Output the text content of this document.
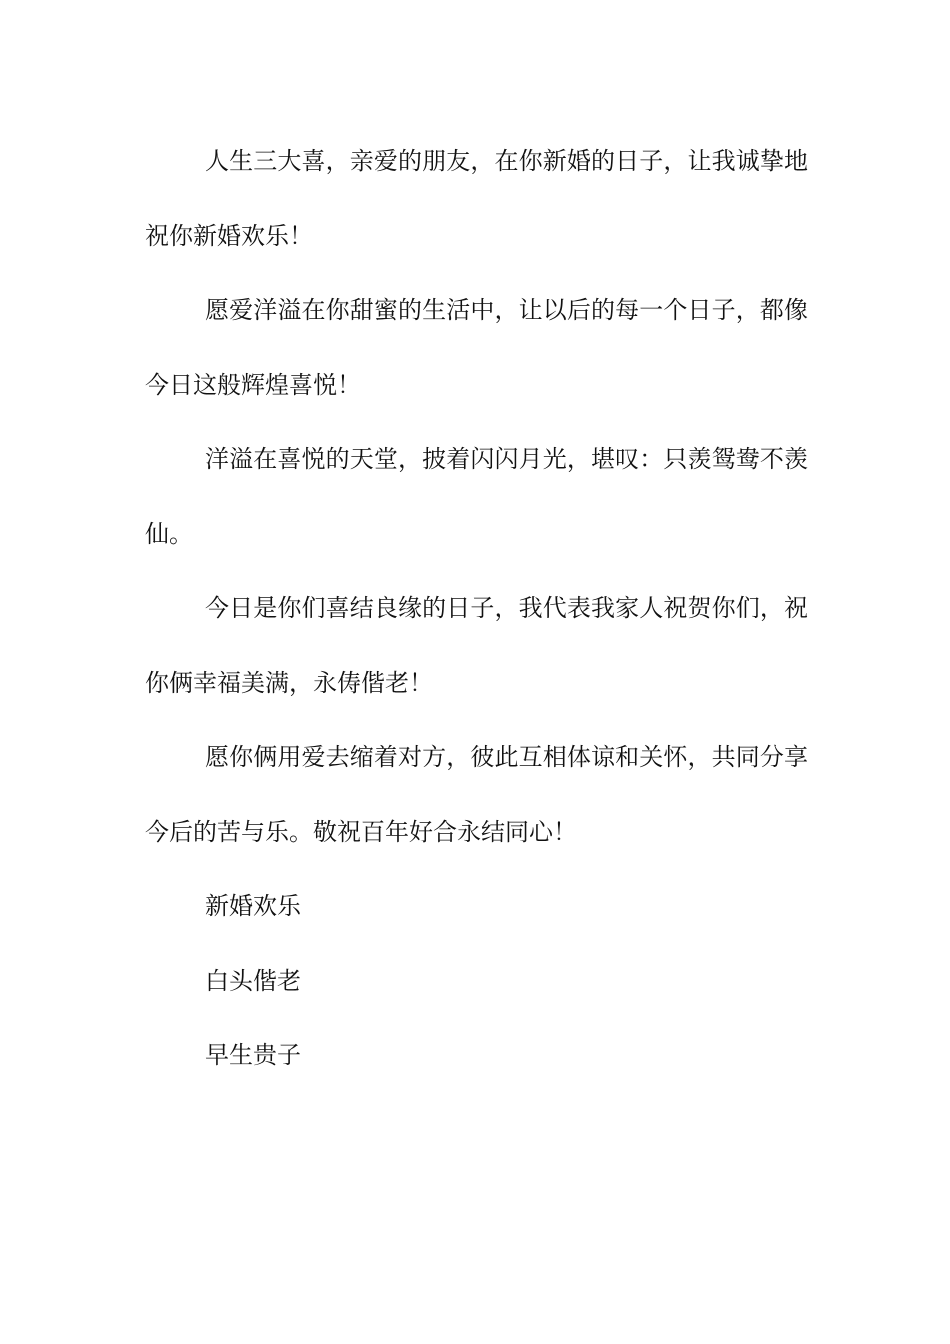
人生三大喜，亲爱的朋友，在你新婚的日子，让我诚挚地祝你新婚欢乐！

愿爱洋溢在你甜蜜的生活中，让以后的每一个日子，都像今日这般辉煌喜悦！

洋溢在喜悦的天堂，披着闪闪月光，堪叹：只羡鸳鸯不羡仙。

今日是你们喜结良缘的日子，我代表我家人祝贺你们，祝你俩幸福美满，永俦偕老！

愿你俩用爱去缩着对方，彼此互相体谅和关怀，共同分享今后的苦与乐。敬祝百年好合永结同心！

新婚欢乐

白头偕老

早生贵子
